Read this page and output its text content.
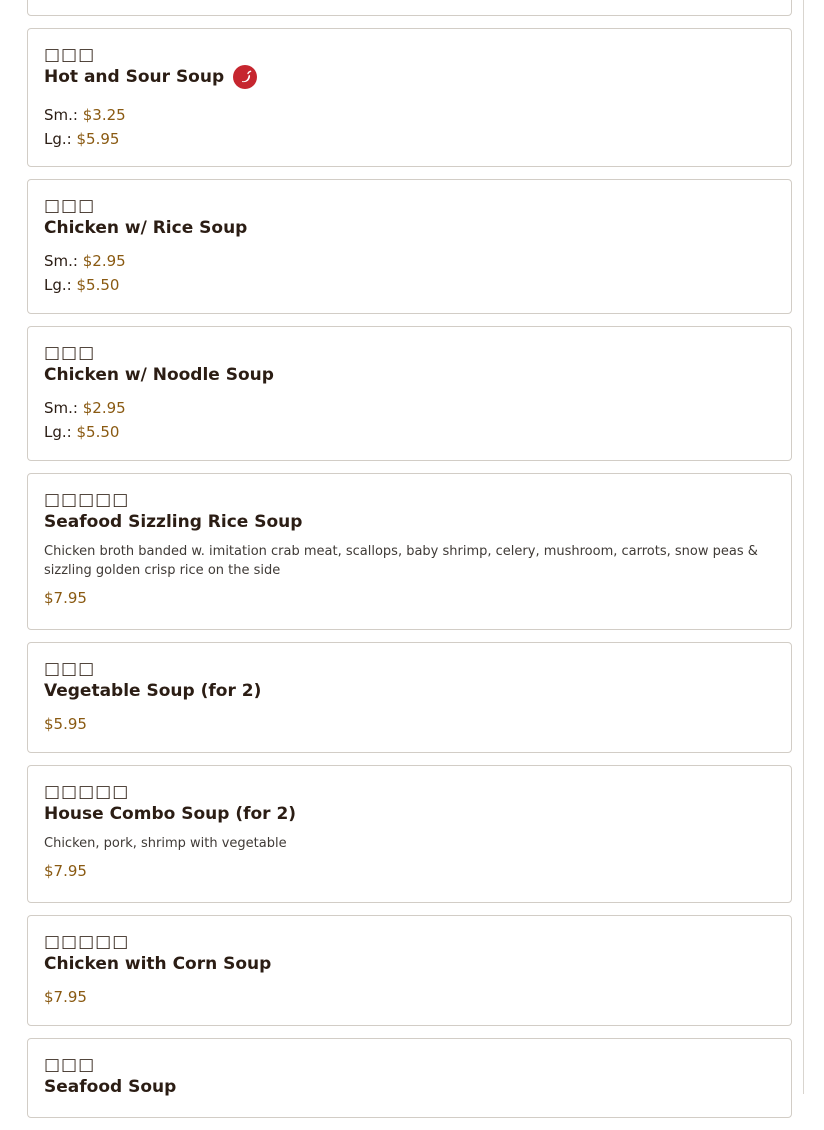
□□□
Hot and Sour Soup
Sm.: $3.25
Lg.: $5.95
□□□
Chicken w/ Rice Soup
Sm.: $2.95
Lg.: $5.50
□□□
Chicken w/ Noodle Soup
Sm.: $2.95
Lg.: $5.50
□□□□□
Seafood Sizzling Rice Soup
Chicken broth banded w. imitation crab meat, scallops, baby shrimp, celery, mushroom, carrots, snow peas & sizzling golden crisp rice on the side
$7.95
□□□
Vegetable Soup (for 2)
$5.95
□□□□□
House Combo Soup (for 2)
Chicken, pork, shrimp with vegetable
$7.95
□□□□□
Chicken with Corn Soup
$7.95
□□□
Seafood Soup
